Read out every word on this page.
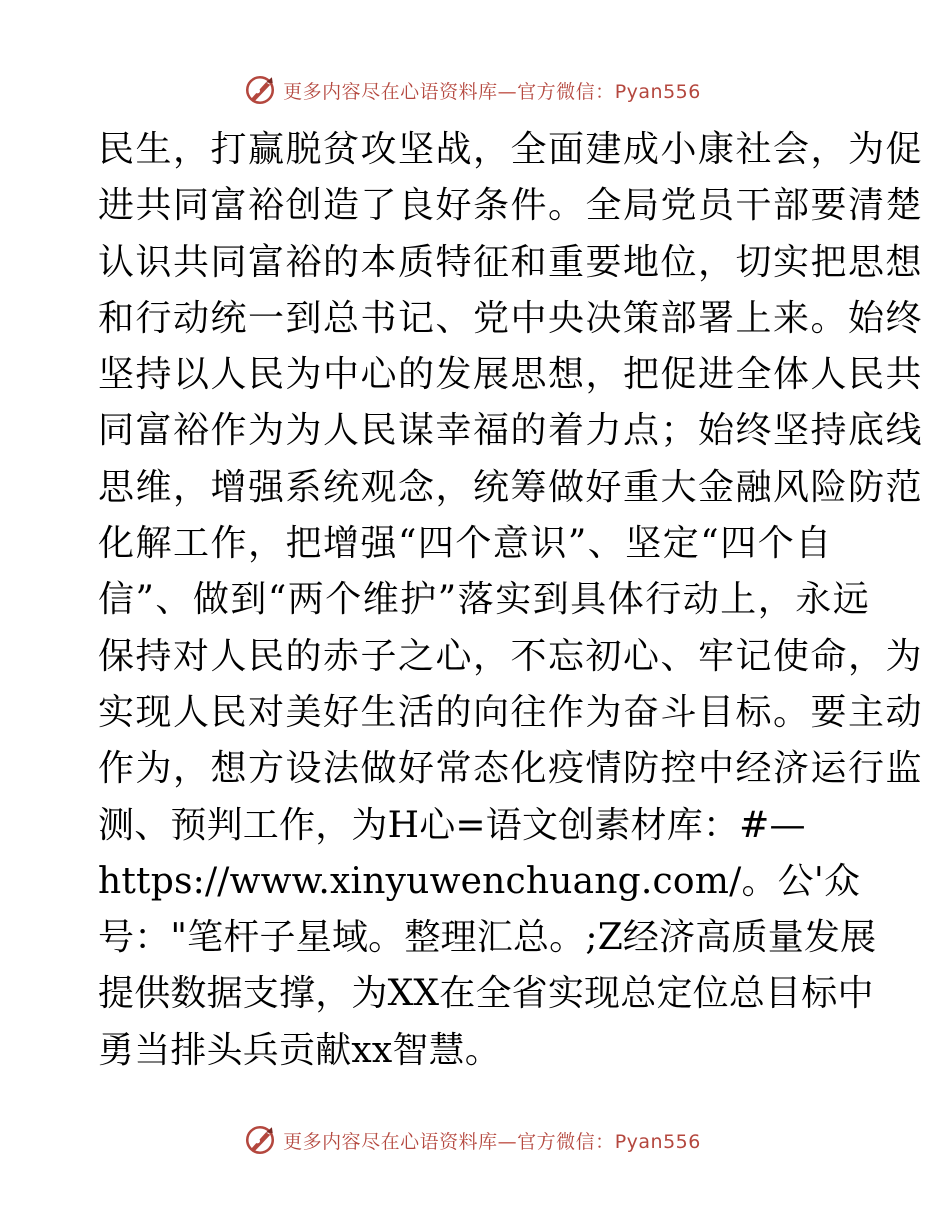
更多内容尽在心语资料库—官方微信：Pyan556
民生，打赢脱贫攻坚战，全面建成小康社会，为促
进共同富裕创造了良好条件。全局党员干部要清楚
认识共同富裕的本质特征和重要地位，切实把思想
和行动统一到总书记、党中央决策部署上来。始终
坚持以人民为中心的发展思想，把促进全体人民共
同富裕作为为人民谋幸福的着力点；始终坚持底线
思维，增强系统观念，统筹做好重大金融风险防范
化解工作，把增强“四个意识”、坚定“四个自
信”、做到“两个维护”落实到具体行动上，永远
保持对人民的赤子之心，不忘初心、牢记使命，为
实现人民对美好生活的向往作为奋斗目标。要主动
作为，想方设法做好常态化疫情防控中经济运行监
测、预判工作，为H心=语文创素材库：#—
https://www.xinyuwenchuang.com/。公'众
号："笔杆子星域。整理汇总。;Z经济高质量发展
提供数据支撑，为XX在全省实现总定位总目标中
勇当排头兵贡献xx智慧。
更多内容尽在心语资料库—官方微信：Pyan556
